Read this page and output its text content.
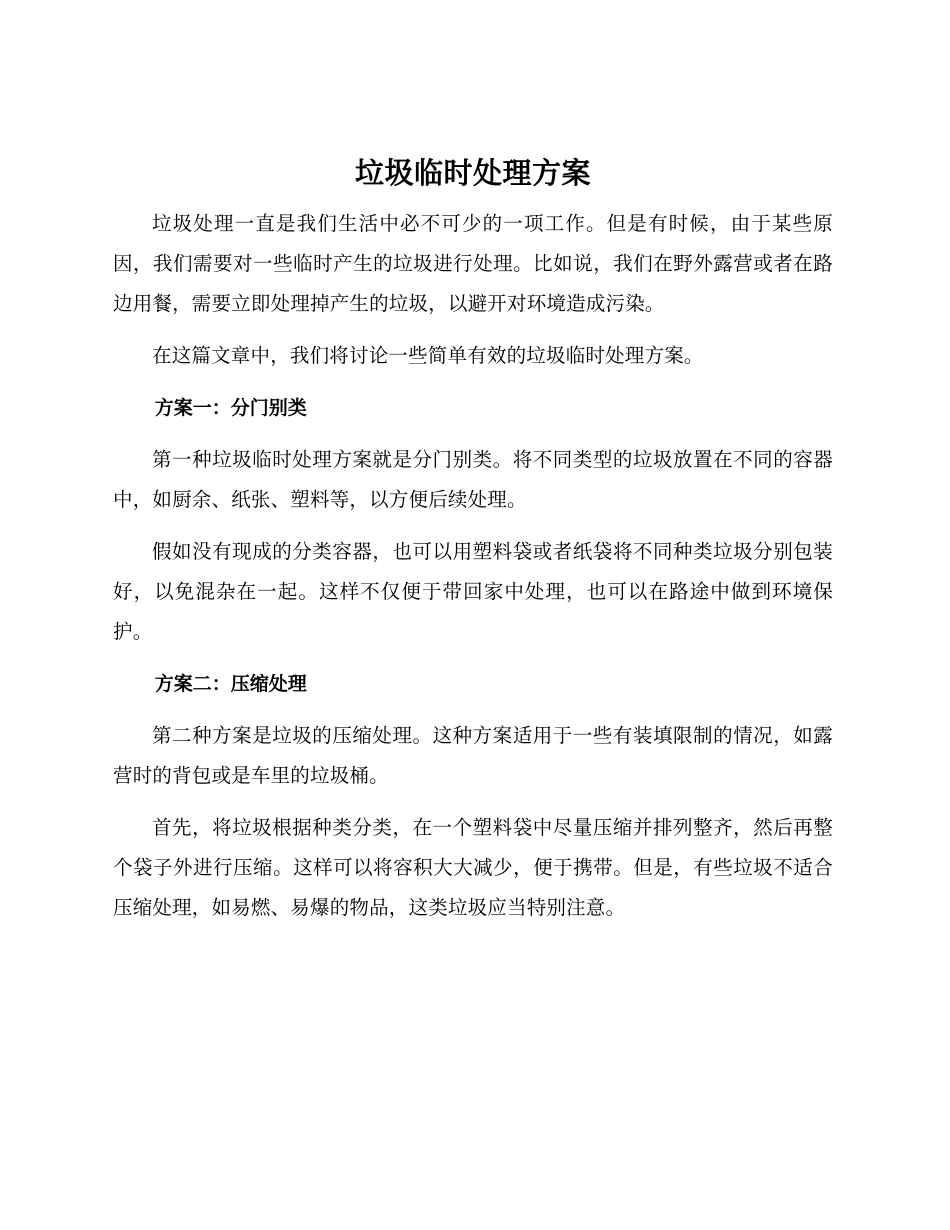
垃圾临时处理方案

垃圾处理一直是我们生活中必不可少的一项工作。但是有时候，由于某些原因，我们需要对一些临时产生的垃圾进行处理。比如说，我们在野外露营或者在路边用餐，需要立即处理掉产生的垃圾，以避开对环境造成污染。

在这篇文章中，我们将讨论一些简单有效的垃圾临时处理方案。

方案一：分门别类

第一种垃圾临时处理方案就是分门别类。将不同类型的垃圾放置在不同的容器中，如厨余、纸张、塑料等，以方便后续处理。

假如没有现成的分类容器，也可以用塑料袋或者纸袋将不同种类垃圾分别包装好，以免混杂在一起。这样不仅便于带回家中处理，也可以在路途中做到环境保护。

方案二：压缩处理

第二种方案是垃圾的压缩处理。这种方案适用于一些有装填限制的情况，如露营时的背包或是车里的垃圾桶。

首先，将垃圾根据种类分类，在一个塑料袋中尽量压缩并排列整齐，然后再整个袋子外进行压缩。这样可以将容积大大减少，便于携带。但是，有些垃圾不适合压缩处理，如易燃、易爆的物品，这类垃圾应当特别注意。
